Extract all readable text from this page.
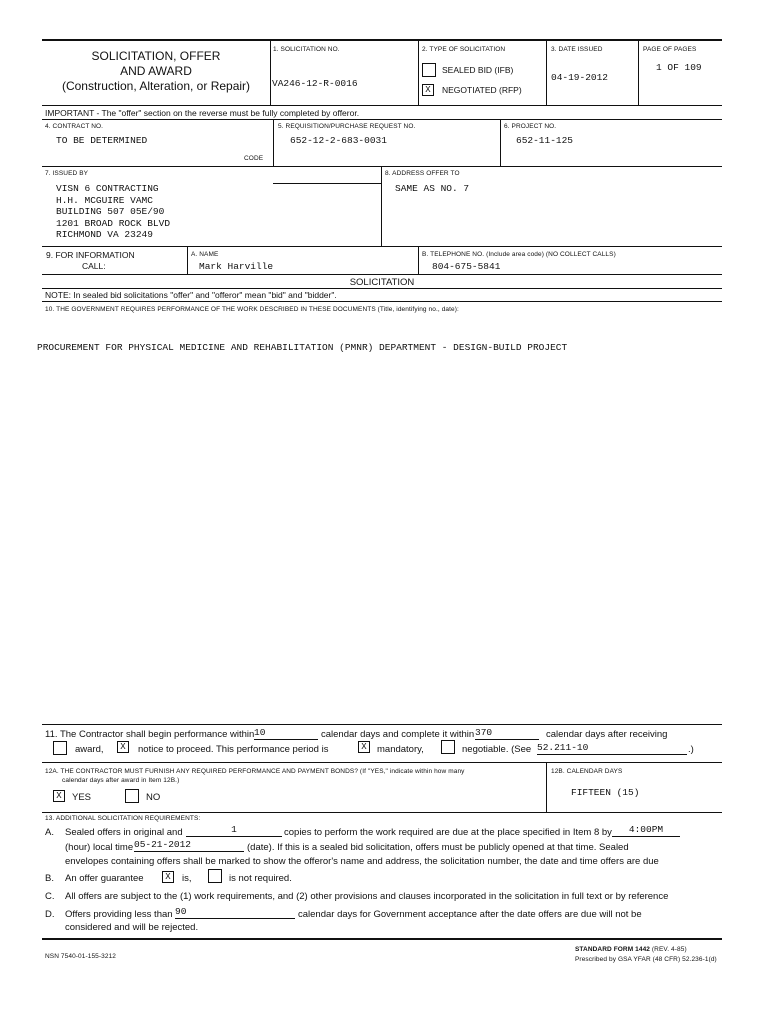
SOLICITATION, OFFER
AND AWARD
(Construction, Alteration, or Repair)
1. SOLICITATION NO.
VA246-12-R-0016
2. TYPE OF SOLICITATION
SEALED BID (IFB)
X	NEGOTIATED (RFP)
3. DATE ISSUED
04-19-2012
PAGE OF PAGES
1 OF 109
IMPORTANT - The "offer" section on the reverse must be fully completed by offeror.
4. CONTRACT NO.
TO BE DETERMINED
5. REQUISITION/PURCHASE REQUEST NO.
652-12-2-683-0031
6. PROJECT NO.
652-11-125
CODE
7. ISSUED BY
VISN 6 CONTRACTING
H.H. MCGUIRE VAMC
BUILDING 507 05E/90
1201 BROAD ROCK BLVD
RICHMOND VA 23249
8. ADDRESS OFFER TO
SAME AS NO. 7
9. FOR INFORMATION
CALL:
A. NAME
Mark Harville
B. TELEPHONE NO. (Include area code) (NO COLLECT CALLS)
804-675-5841
SOLICITATION
NOTE: In sealed bid solicitations "offer" and "offeror" mean "bid" and "bidder".
10. THE GOVERNMENT REQUIRES PERFORMANCE OF THE WORK DESCRIBED IN THESE DOCUMENTS (Title, identifying no., date):
PROCUREMENT FOR PHYSICAL MEDICINE AND REHABILITATION (PMNR) DEPARTMENT - DESIGN-BUILD PROJECT
11. The Contractor shall begin performance within 10	calendar days and complete it within 370	calendar days after receiving
award,	X	notice to proceed. This performance period is	X	mandatory,	negotiable. (See 52.211-10	.)
12A. THE CONTRACTOR MUST FURNISH ANY REQUIRED PERFORMANCE AND PAYMENT BONDS? (If "YES," indicate within how many
calendar days after award in Item 12B.)
X	YES	NO
12B. CALENDAR DAYS
FIFTEEN (15)
13. ADDITIONAL SOLICITATION REQUIREMENTS:
A. Sealed offers in original and	1	copies to perform the work required are due at the place specified in Item 8 by	4:00PM
(hour) local time 05-21-2012	(date). If this is a sealed bid solicitation, offers must be publicly opened at that time. Sealed
envelopes containing offers shall be marked to show the offeror's name and address, the solicitation number, the date and time offers are due
B. An offer guarantee	X	is,	is not required.
C. All offers are subject to the (1) work requirements, and (2) other provisions and clauses incorporated in the solicitation in full text or by reference
D. Offers providing less than 90	calendar days for Government acceptance after the date offers are due will not be
considered and will be rejected.
NSN 7540-01-155-3212
STANDARD FORM 1442 (REV. 4-85)
Prescribed by GSA YFAR (48 CFR) 52.236-1(d)
